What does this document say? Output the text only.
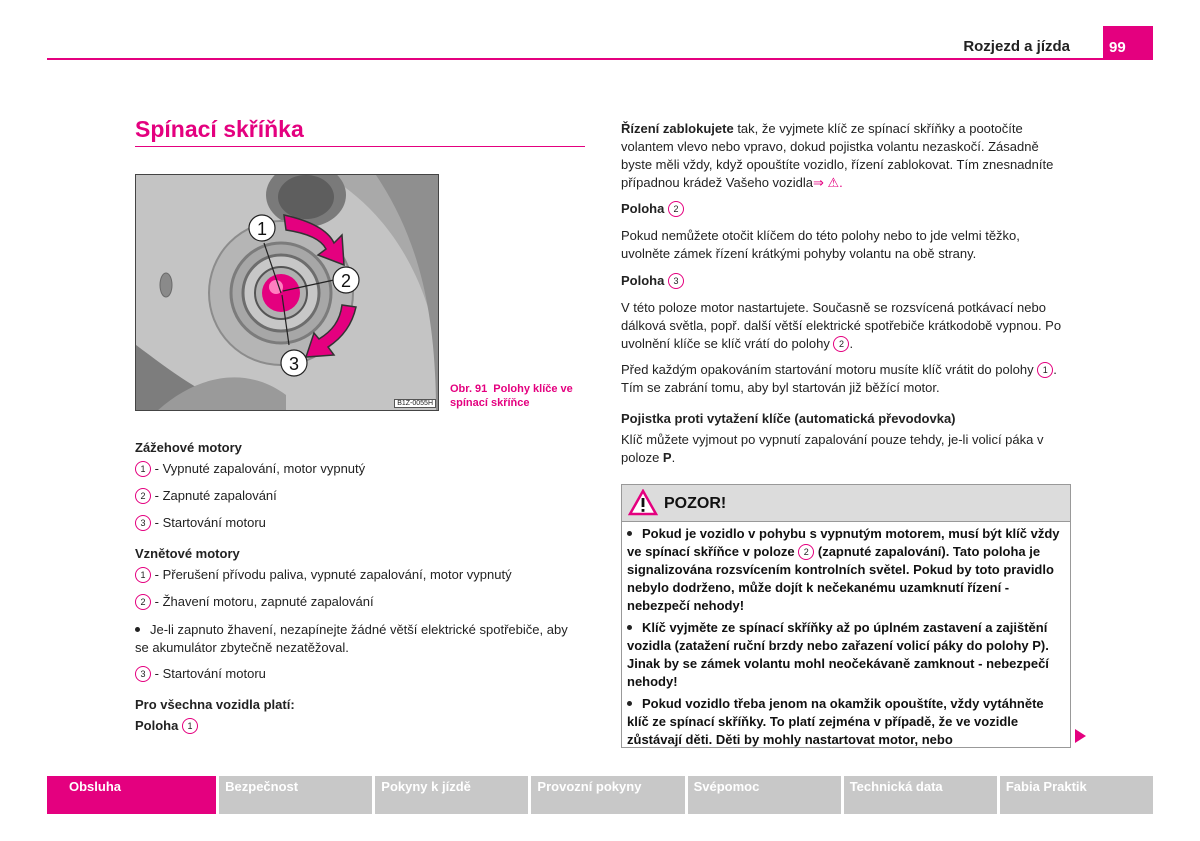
Rozjezd a jízda	99
Spínací skříňka
1
2
3
B1Z-0055H
Obr. 91 Polohy klíče ve spínací skříňce
Zážehové motory
1 - Vypnuté zapalování, motor vypnutý
2 - Zapnuté zapalování
3 - Startování motoru
Vznětové motory
1 - Přerušení přívodu paliva, vypnuté zapalování, motor vypnutý
2 - Žhavení motoru, zapnuté zapalování
Je-li zapnuto žhavení, nezapínejte žádné větší elektrické spotřebiče, aby se akumulátor zbytečně nezatěžoval.
3 - Startování motoru
Pro všechna vozidla platí:
Poloha 1
Řízení zablokujete tak, že vyjmete klíč ze spínací skříňky a pootočíte volantem vlevo nebo vpravo, dokud pojistka volantu nezaskočí. Zásadně byste měli vždy, když opouštíte vozidlo, řízení zablokovat. Tím znesnadníte případnou krádež Vašeho vozidla⇒ ⚠.
Poloha 2
Pokud nemůžete otočit klíčem do této polohy nebo to jde velmi těžko, uvolněte zámek řízení krátkými pohyby volantu na obě strany.
Poloha 3
V této poloze motor nastartujete. Současně se rozsvícená potkávací nebo dálková světla, popř. další větší elektrické spotřebiče krátkodobě vypnou. Po uvolnění klíče se klíč vrátí do polohy 2 .
Před každým opakováním startování motoru musíte klíč vrátit do polohy 1 . Tím se zabrání tomu, aby byl startován již běžící motor.
Pojistka proti vytažení klíče (automatická převodovka)
Klíč můžete vyjmout po vypnutí zapalování pouze tehdy, je-li volicí páka v poloze P.
POZOR!

Pokud je vozidlo v pohybu s vypnutým motorem, musí být klíč vždy ve spínací skříňce v poloze 2 (zapnuté zapalování). Tato poloha je signalizována rozsvícením kontrolních světel. Pokud by toto pravidlo nebylo dodrženo, může dojít k nečekanému uzamknutí řízení - nebezpečí nehody!

Klíč vyjměte ze spínací skříňky až po úplném zastavení a zajištění vozidla (zatažení ruční brzdy nebo zařazení volicí páky do polohy P). Jinak by se zámek volantu mohl neočekávaně zamknout - nebezpečí nehody!

Pokud vozidlo třeba jenom na okamžik opouštíte, vždy vytáhněte klíč ze spínací skříňky. To platí zejména v případě, že ve vozidle zůstávají děti. Děti by mohly nastartovat motor, nebo

Obsluha	Bezpečnost	Pokyny k jízdě	Provozní pokyny	Svépomoc	Technická data	Fabia Praktik
